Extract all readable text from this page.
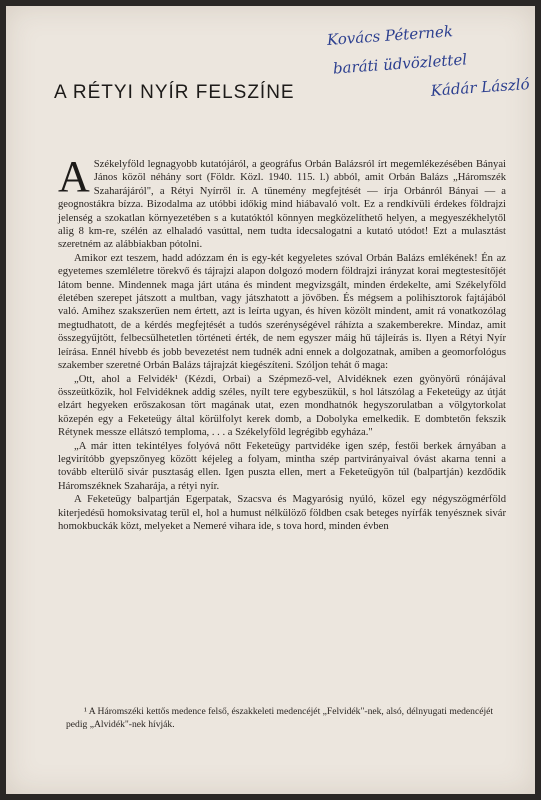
Kovács Péternek
baráti üdvözlettel
Kádár László
A RÉTYI NYÍR FELSZÍNE

A Székelyföld legnagyobb kutatójáról, a geográfus Orbán Balázsról írt megemlékezésében Bányai János közöl néhány sort (Földr. Közl. 1940. 115. l.) abból, amit Orbán Balázs „Háromszék Szaharájáról", a Rétyi Nyírről ír. A tünemény megfejtését — írja Orbánról Bányai — a geognostákra bízza. Bizodalma az utóbbi időkig mind hiábavaló volt. Ez a rendkívüli érdekes földrajzi jelenség a szokatlan környezetében s a kutatóktól könnyen megközelíthető helyen, a megyeszékhelytől alig 8 km-re, szélén az elhaladó vasúttal, nem tudta idecsalogatni a kutató utódot! Ezt a mulasztást szeretném az alábbiakban pótolni.

Amikor ezt teszem, hadd adózzam én is egy-két kegyeletes szóval Orbán Balázs emlékének! Én az egyetemes szemléletre törekvő és tájrajzi alapon dolgozó modern földrajzi irányzat korai megtestesítőjét látom benne. Mindennek maga járt utána és mindent megvizsgált, minden érdekelte, ami Székelyföld életében szerepet játszott a multban, vagy játszhatott a jövőben. És mégsem a polihisztorok fajtájából való. Amihez szakszerűen nem értett, azt is leírta ugyan, és híven közölt mindent, amit rá vonatkozólag megtudhatott, de a kérdés megfejtését a tudós szerénységével ráhízta a szakemberekre. Mindaz, amit összegyűjtött, felbecsülhetetlen történeti érték, de nem egyszer máig hű tájleírás is. Ilyen a Rétyi Nyír leírása. Ennél hívebb és jobb bevezetést nem tudnék adni ennek a dolgozatnak, amiben a geomorfológus szakember szeretné Orbán Balázs tájrajzát kiegészíteni. Szóljon tehát ő maga:

„Ott, ahol a Felvidék¹ (Kézdi, Orbai) a Szépmező-vel, Alvidéknek ezen gyönyörű rónájával összeütközik, hol Felvidéknek addig széles, nyílt tere egybeszükül, s hol látszólag a Feketeügy az útját elzárt hegyeken erőszakosan tört magának utat, ezen mondhatnók hegyszorulatban a völgytorkolat közepén egy a Feketeügy által körülfolyt kerek domb, a Dobolyka emelkedik. E dombtetőn fekszik Rétynek messze ellátszó temploma, . . . a Székelyföld legrégibb egyháza."

„A már itten tekintélyes folyóvá nőtt Feketeügy partvidéke igen szép, festői berkek árnyában a legvirítóbb gyepszőnyeg között kéjeleg a folyam, mintha szép partvirányaival óvást akarna tenni a tovább elterülő sivár pusztaság ellen. Igen puszta ellen, mert a Feketeügyön túl (balpartján) kezdődik Háromszéknek Szaharája, a rétyi nyír.

A Feketeügy balpartján Egerpatak, Szacsva és Magyarósig nyúló, közel egy négyszögmérföld kiterjedésű homoksivatag terül el, hol a humust nélkülöző földben csak beteges nyírfák tenyésznek sivár homokbuckák közt, melyeket a Nemeré vihara ide, s tova hord, minden évben

¹ A Háromszéki kettős medence felső, északkeleti medencéjét „Felvidék"-nek, alsó, délnyugati medencéjét pedig „Alvidék"-nek hívják.
